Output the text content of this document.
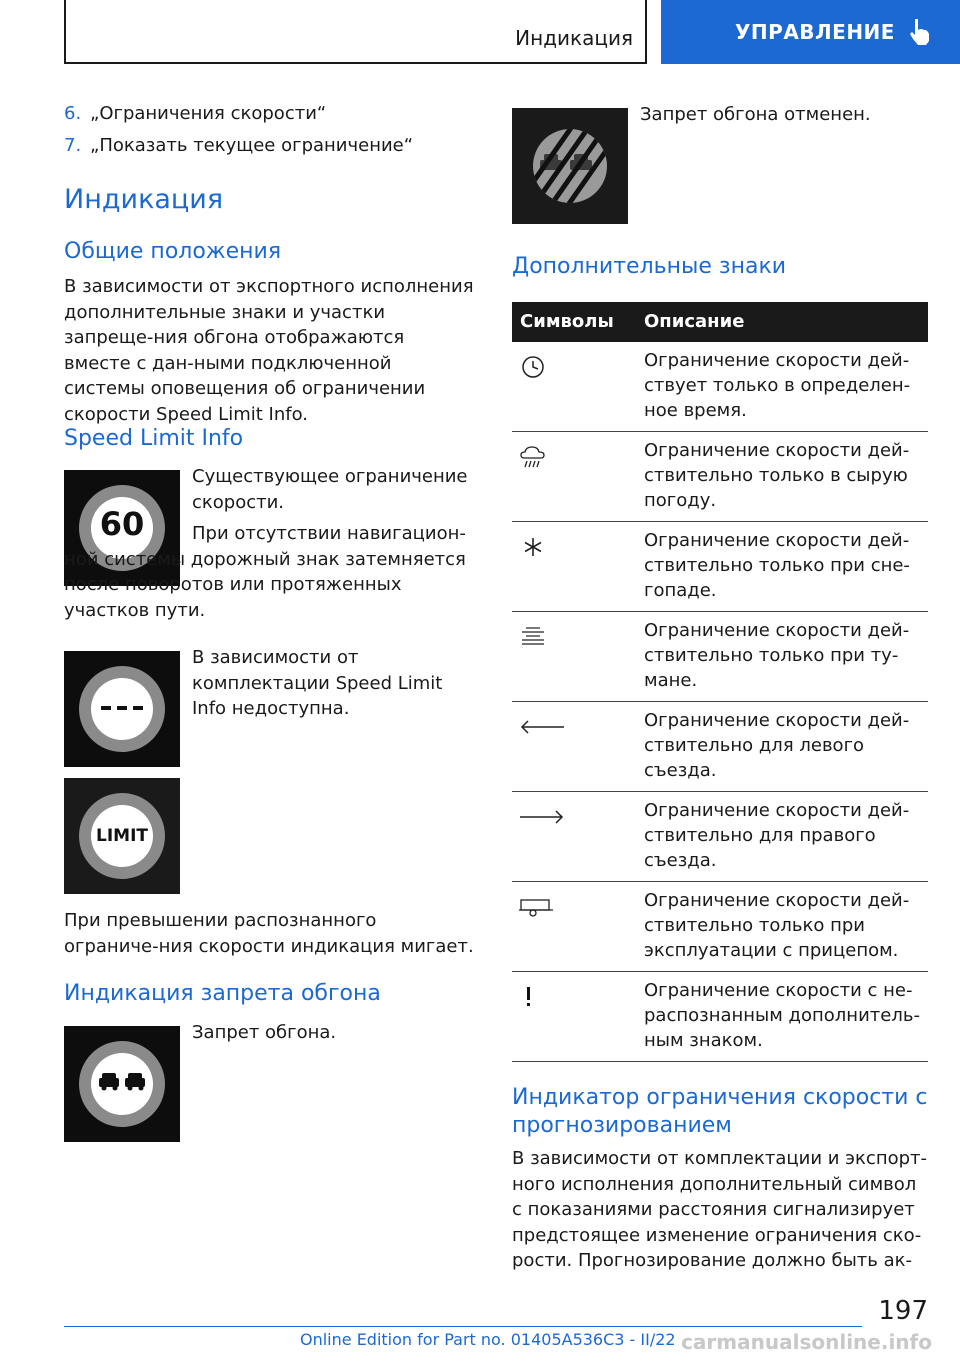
Индикация	УПРАВЛЕНИЕ
6. „Ограничения скорости“
7. „Показать текущее ограничение“
Индикация
Общие положения

В зависимости от экспортного исполнения дополнительные знаки и участки запреще-ния обгона отображаются вместе с дан-ными подключенной системы оповещения об ограничении скорости Speed Limit Info.

Speed Limit Info
60

Существующее ограничение скорости.

При отсутствии навигацион-ной системы дорожный знак затемняется после поворотов или протяженных участков пути.

В зависимости от комплектации Speed Limit Info недоступна.

LIMIT

При превышении распознанного ограниче-ния скорости индикация мигает.

Индикация запрета обгона

Запрет обгона.

Запрет обгона отменен.

Дополнительные знаки
Символы Описание
Ограничение скорости дей-ствует только в определен-ное время.
Ограничение скорости дей-ствительно только в сырую погоду.
Ограничение скорости дей-ствительно только при сне-гопаде.
Ограничение скорости дей-ствительно только при ту-мане.
Ограничение скорости дей-ствительно для левого съезда.
Ограничение скорости дей-ствительно для правого съезда.
Ограничение скорости дей-ствительно только при эксплуатации с прицепом.
Ограничение скорости с не-распознанным дополнитель-ным знаком.
Индикатор ограничения скорости с прогнозированием

В зависимости от комплектации и экспорт-ного исполнения дополнительный символ с показаниями расстояния сигнализирует предстоящее изменение ограничения ско-рости. Прогнозирование должно быть ак-

197
Online Edition for Part no. 01405A536C3 - II/22 carmanualsonline.info
